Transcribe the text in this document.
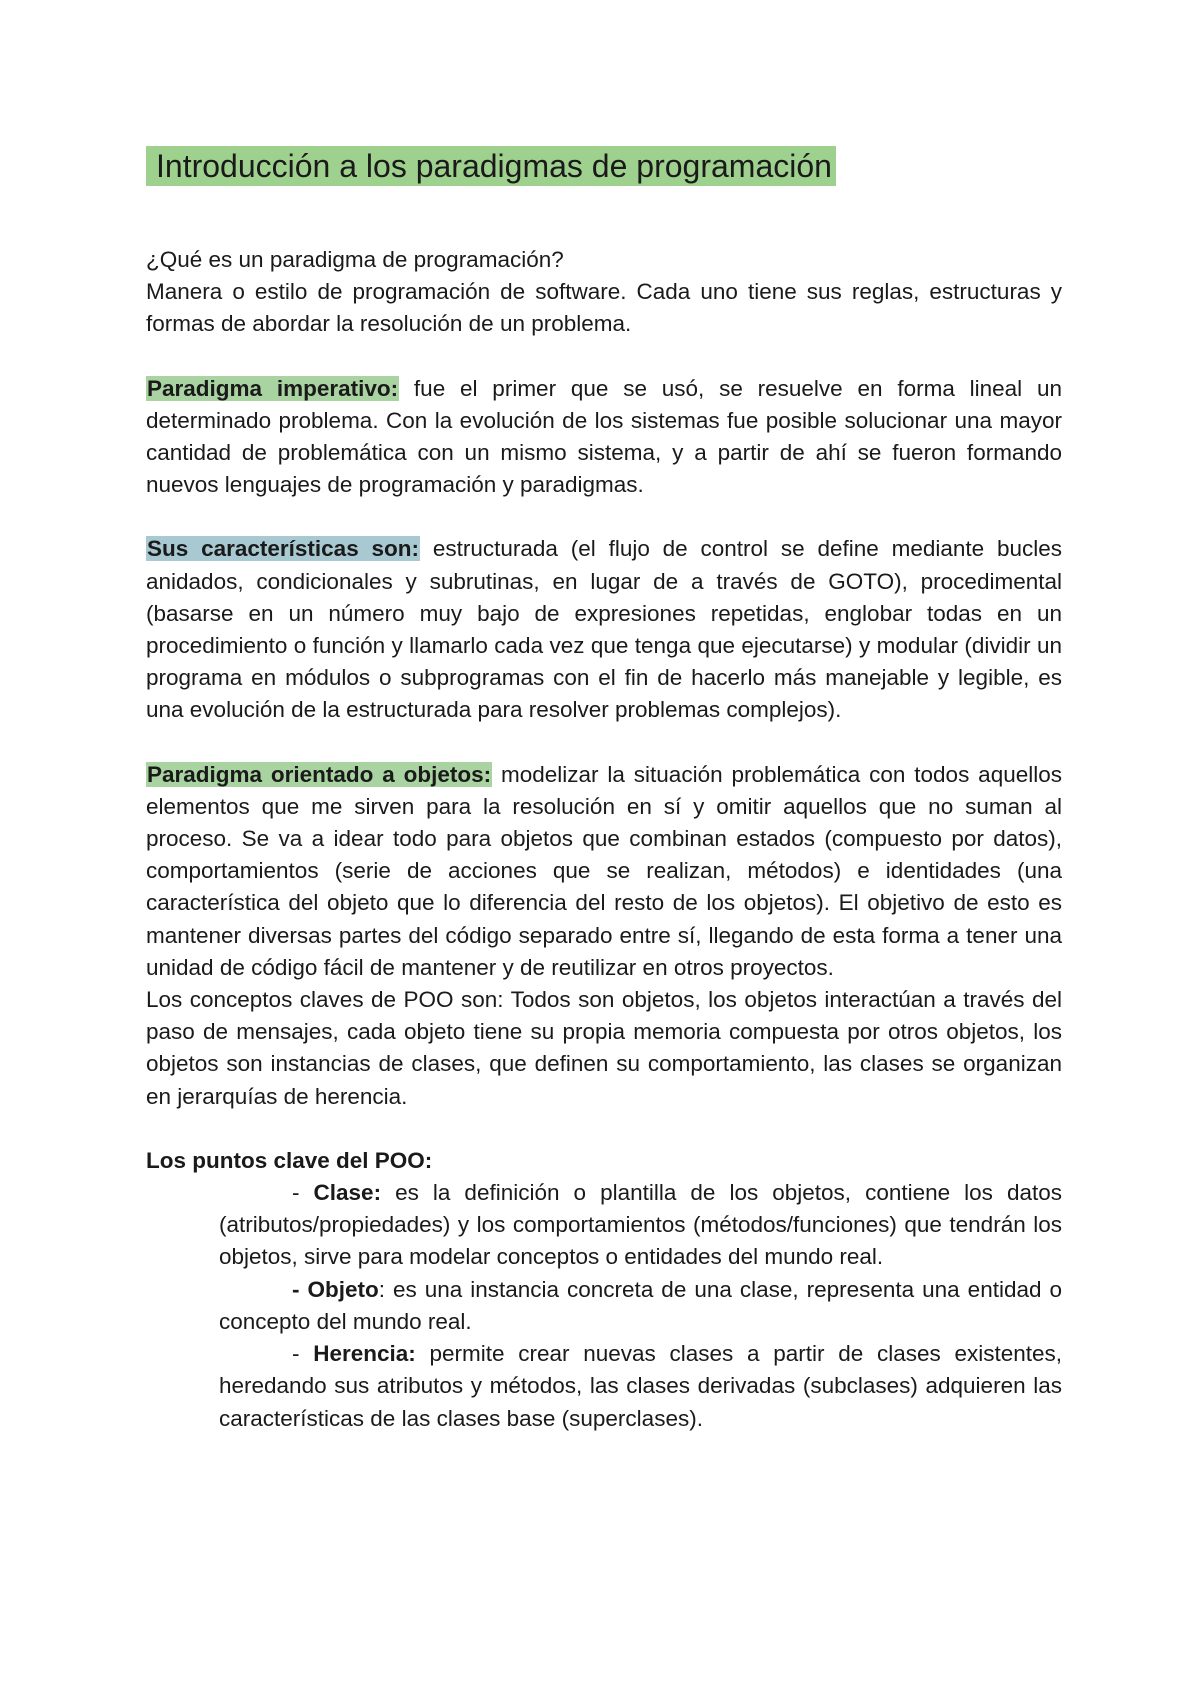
Introducción a los paradigmas de programación

¿Qué es un paradigma de programación?

Manera o estilo de programación de software. Cada uno tiene sus reglas, estructuras y formas de abordar la resolución de un problema.

Paradigma imperativo: fue el primer que se usó, se resuelve en forma lineal un determinado problema. Con la evolución de los sistemas fue posible solucionar una mayor cantidad de problemática con un mismo sistema, y a partir de ahí se fueron formando nuevos lenguajes de programación y paradigmas.

Sus características son: estructurada (el flujo de control se define mediante bucles anidados, condicionales y subrutinas, en lugar de a través de GOTO), procedimental (basarse en un número muy bajo de expresiones repetidas, englobar todas en un procedimiento o función y llamarlo cada vez que tenga que ejecutarse) y modular (dividir un programa en módulos o subprogramas con el fin de hacerlo más manejable y legible, es una evolución de la estructurada para resolver problemas complejos).

Paradigma orientado a objetos: modelizar la situación problemática con todos aquellos elementos que me sirven para la resolución en sí y omitir aquellos que no suman al proceso. Se va a idear todo para objetos que combinan estados (compuesto por datos), comportamientos (serie de acciones que se realizan, métodos) e identidades (una característica del objeto que lo diferencia del resto de los objetos). El objetivo de esto es mantener diversas partes del código separado entre sí, llegando de esta forma a tener una unidad de código fácil de mantener y de reutilizar en otros proyectos.

Los conceptos claves de POO son: Todos son objetos, los objetos interactúan a través del paso de mensajes, cada objeto tiene su propia memoria compuesta por otros objetos, los objetos son instancias de clases, que definen su comportamiento, las clases se organizan en jerarquías de herencia.

Los puntos clave del POO:

- Clase: es la definición o plantilla de los objetos, contiene los datos (atributos/propiedades) y los comportamientos (métodos/funciones) que tendrán los objetos, sirve para modelar conceptos o entidades del mundo real.

- Objeto: es una instancia concreta de una clase, representa una entidad o concepto del mundo real.

- Herencia: permite crear nuevas clases a partir de clases existentes, heredando sus atributos y métodos, las clases derivadas (subclases) adquieren las características de las clases base (superclases).
